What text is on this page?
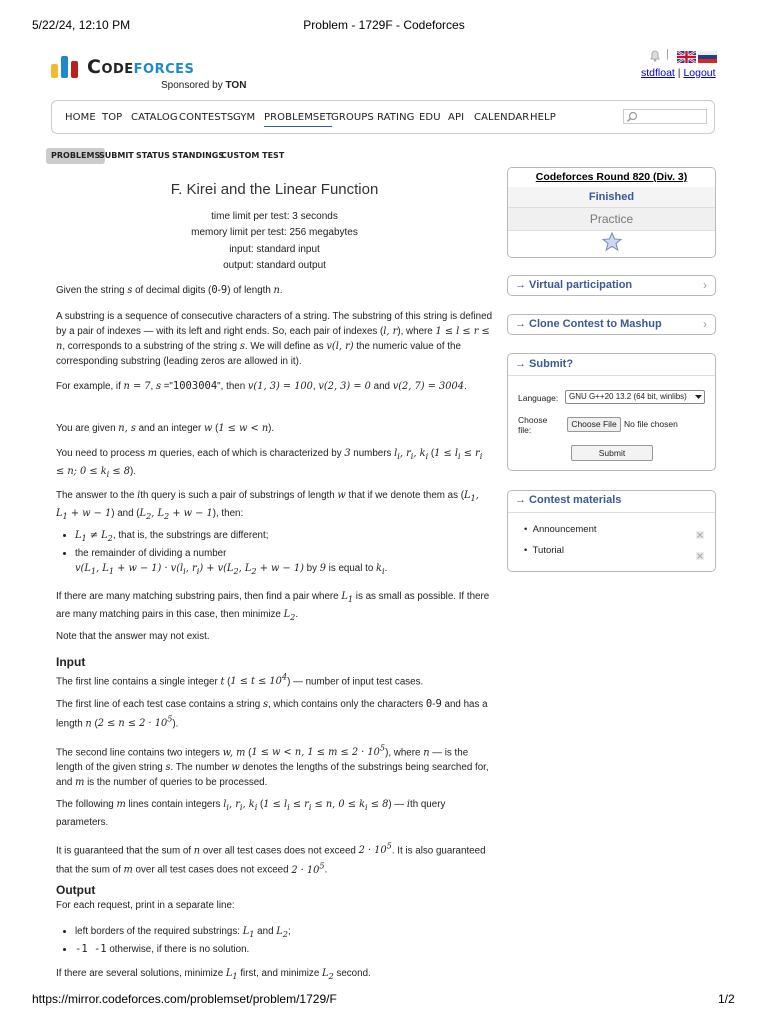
5/22/24, 12:10 PM	Problem - 1729F - Codeforces
https://mirror.codeforces.com/problemset/problem/1729/F	1/2
Codeforces
Sponsored by TON
|
stdfloat | Logout
HOME TOP CATALOG CONTESTS GYM PROBLEMSET
GROUPS RATING EDU API CALENDAR HELP
PROBLEMS
SUBMIT STATUS STANDINGS
CUSTOM TEST
F. Kirei and the Linear Function
time limit per test: 3 seconds
memory limit per test: 256 megabytes
input: standard input
output: standard output

Given the string s of decimal digits (0-9) of length n.

A substring is a sequence of consecutive characters of a string. The substring of this string is defined by a pair of indexes — with its left and right ends. So, each pair of indexes (l, r), where 1 ≤ l ≤ r ≤ n, corresponds to a substring of the string s. We will define as v(l, r) the numeric value of the corresponding substring (leading zeros are allowed in it).

For example, if n = 7, s ="1003004", then v(1, 3) = 100, v(2, 3) = 0 and v(2, 7) = 3004.

You are given n, s and an integer w (1 ≤ w < n).

You need to process m queries, each of which is characterized by 3 numbers $l_i$, $r_i$, $k_i$ ($1 \le l_i \le r_i \le n$; $0 \le k_i \le 8$).

The answer to the ith query is such a pair of substrings of length w that if we denote them as ($L_1$, $L_1 + w - 1$) and ($L_2$, $L_2 + w - 1$), then:

• $L_1 \ne L_2$, that is, the substrings are different;
• the remainder of dividing a number
$v(L_1$, $L_1 + w - 1) \cdot v(l_i$, $r_i) + v(L_2$, $L_2 + w - 1$) by 9 is equal to $k_i$.

If there are many matching substring pairs, then find a pair where $L_1$ is as small as possible. If there are many matching pairs in this case, then minimize $L_2$.

Note that the answer may not exist.

Input

The first line contains a single integer t $(1 \le t \le 10^4)$ — number of input test cases.

The first line of each test case contains a string s, which contains only the characters 0-9 and has a length n $(2 \le n \le 2 \cdot 10^5)$.

The second line contains two integers w, m (1 ≤ w < n, $1 \le m \le 2 \cdot 10^5$), where n — is the length of the given string s. The number w denotes the lengths of the substrings being searched for, and m is the number of queries to be processed.

The following m lines contain integers $l_i$, $r_i$, $k_i$ ($1 \le l_i \le r_i \le n$, $0 \le k_i \le 8$) — ith query parameters.

It is guaranteed that the sum of n over all test cases does not exceed $2 \cdot 10^5$. It is also guaranteed that the sum of m over all test cases does not exceed $2 \cdot 10^5$.

Output

For each request, print in a separate line:

• left borders of the required substrings: $L_1$ and $L_2$;
• -1 -1 otherwise, if there is no solution.

If there are several solutions, minimize $L_1$ first, and minimize $L_2$ second.

Codeforces Round 820 (Div. 3)
Finished
Practice
→ Virtual participation	›
→ Clone Contest to Mashup	›
→ Submit?
Language:	GNU G++20 13.2 (64 bit, winlibs)
Choose file:
Choose File No file chosen
Submit
→ Contest materials
•  Announcement
•  Tutorial
